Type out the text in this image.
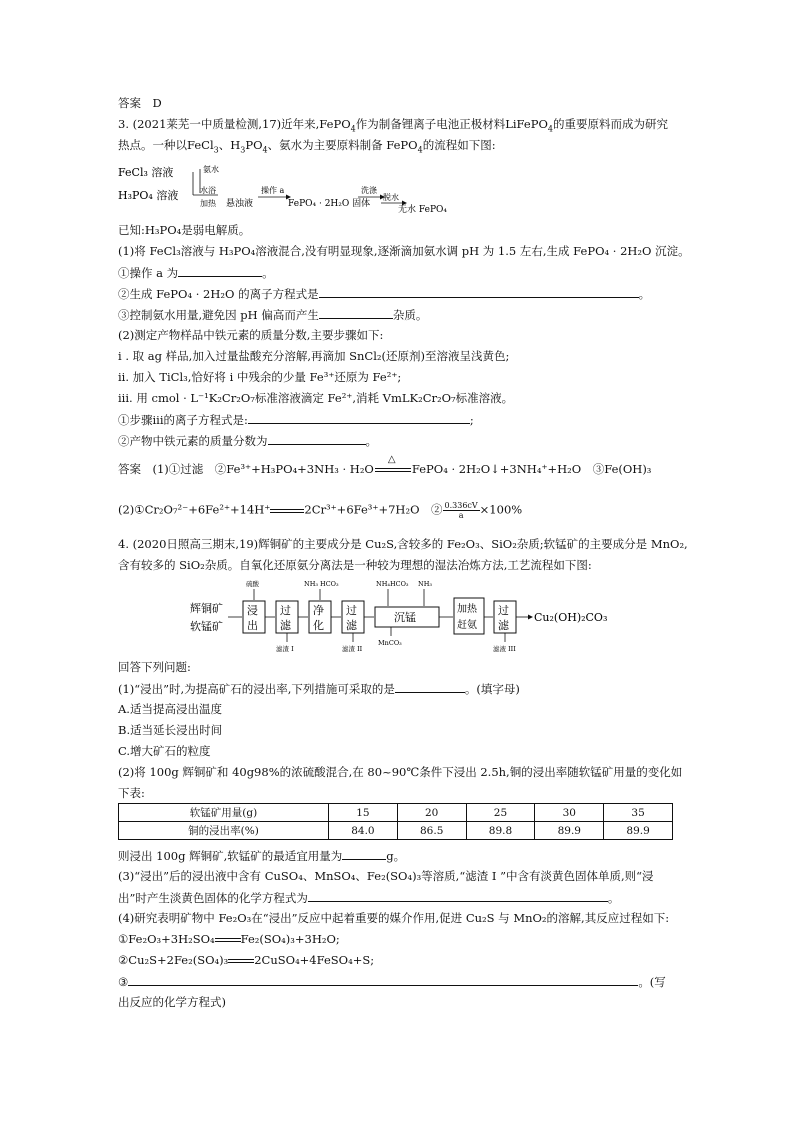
答案　D
3. (2021莱芜一中质量检测,17)近年来,FePO$_4$作为制备锂离子电池正极材料LiFePO$_4$的重要原料而成为研究
热点。一种以FeCl$_3$、$H_3PO_4$、氨水为主要原料制备 FePO$_4$的流程如下图:
FeCl₃ 溶液
H₃PO₄ 溶液
氨水
水浴
加热 悬浊液
操作 a
FePO₄ · 2H₂O 固体
洗涤
脱水
无水 FePO₄
已知:H₃PO₄是弱电解质。
(1)将 FeCl₃溶液与 H₃PO₄溶液混合,没有明显现象,逐渐滴加氨水调 pH 为 1.5 左右,生成 FePO₄ · 2H₂O 沉淀。
①操作 a 为	。
②生成 FePO₄ · 2H₂O 的离子方程式是	。
③控制氨水用量,避免因 pH 偏高而产生	杂质。
(2)测定产物样品中铁元素的质量分数,主要步骤如下:
i . 取 ag 样品,加入过量盐酸充分溶解,再滴加 SnCl₂(还原剂)至溶液呈浅黄色;
ii. 加入 TiCl₃,恰好将 i 中残余的少量 Fe³⁺还原为 Fe²⁺;
iii. 用 cmol · L⁻¹K₂Cr₂O₇标准溶液滴定 Fe²⁺,消耗 VmLK₂Cr₂O₇标准溶液。
①步骤iii的离子方程式是:	;
②产物中铁元素的质量分数为	。
答案　(1)①过滤　②Fe³⁺+H₃PO₄+3NH₃ · H₂O
△
FePO₄ · 2H₂O↓+3NH₄⁺+H₂O　③Fe(OH)₃
(2)①Cr₂O₇²⁻+6Fe²⁺+14H⁺	2Cr³⁺+6Fe³⁺+7H₂O　② $\frac{0.336cV}{a} \times 100\%$
4. (2020日照高三期末,19)辉铜矿的主要成分是 Cu₂S,含较多的 Fe₂O₃、SiO₂杂质;软锰矿的主要成分是 MnO₂,
含有较多的 SiO₂杂质。自氧化还原氨分离法是一种较为理想的湿法冶炼方法,工艺流程如下图:
辉铜矿
软锰矿
硫酸
浸
出
过
滤
滤渣 I
NH₃ HCO₃
净
化
过
滤
滤渣 II
NH₄HCO₃ NH₃
沉锰
MnCO₃
加热
赶氨
过
滤
滤液 III
Cu₂(OH)₂CO₃
回答下列问题:
(1)“浸出”时,为提高矿石的浸出率,下列措施可采取的是	。(填字母)
A.适当提高浸出温度
B.适当延长浸出时间
C.增大矿石的粒度
(2)将 100g 辉铜矿和 40g98%的浓硫酸混合,在 80~90℃条件下浸出 2.5h,铜的浸出率随软锰矿用量的变化如
下表:
软锰矿用量(g)	15	20	25	30	35
铜的浸出率(%)	84.0	86.5	89.8	89.9	89.9
则浸出 100g 辉铜矿,软锰矿的最适宜用量为	g。
(3)“浸出”后的浸出液中含有 CuSO₄、MnSO₄、Fe₂(SO₄)₃等溶质,“滤渣 I ”中含有淡黄色固体单质,则“浸
出”时产生淡黄色固体的化学方程式为	。
(4)研究表明矿物中 Fe₂O₃在“浸出”反应中起着重要的媒介作用,促进 Cu₂S 与 MnO₂的溶解,其反应过程如下:
①Fe₂O₃+3H₂SO₄ Fe₂(SO₄)₃+3H₂O;
②Cu₂S+2Fe₂(SO₄)₃ 2CuSO₄+4FeSO₄+S;
③	。(写
出反应的化学方程式)
